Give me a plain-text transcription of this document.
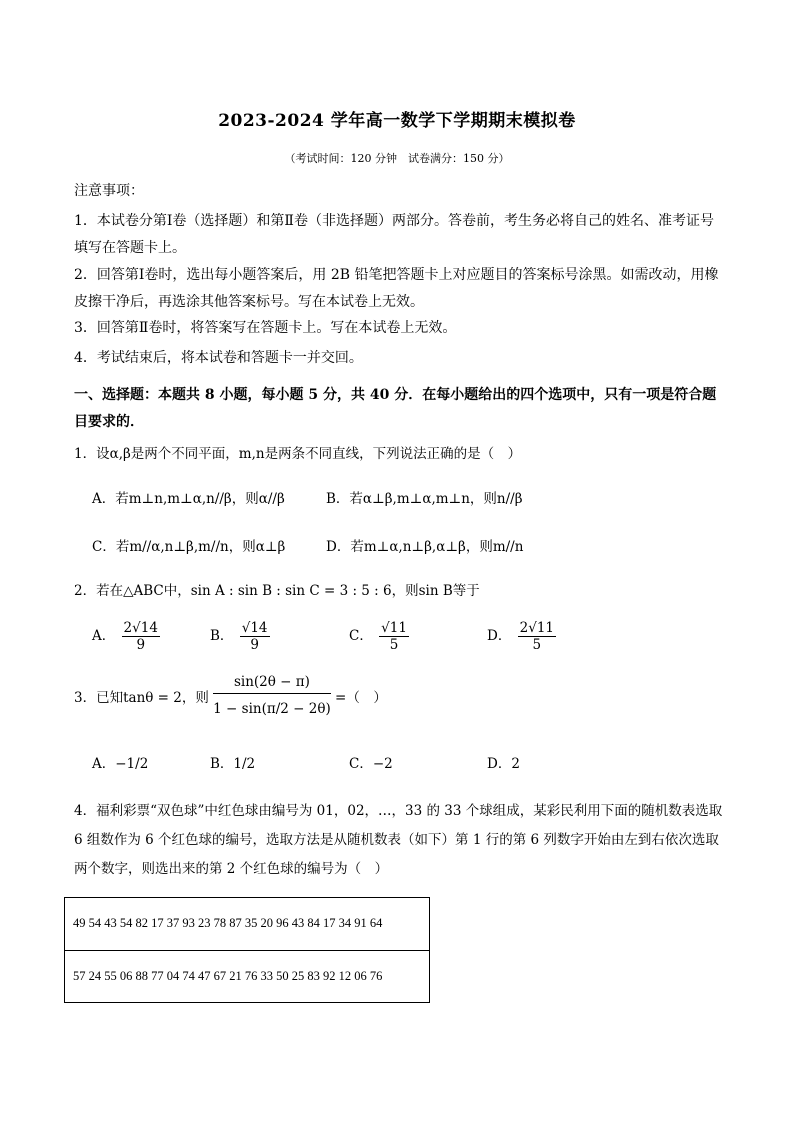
2023-2024 学年高一数学下学期期末模拟卷
（考试时间：120 分钟　试卷满分：150 分）
注意事项：
1．本试卷分第Ⅰ卷（选择题）和第Ⅱ卷（非选择题）两部分。答卷前，考生务必将自己的姓名、准考证号填写在答题卡上。
2．回答第Ⅰ卷时，选出每小题答案后，用 2B 铅笔把答题卡上对应题目的答案标号涂黑。如需改动，用橡皮擦干净后，再选涂其他答案标号。写在本试卷上无效。
3．回答第Ⅱ卷时，将答案写在答题卡上。写在本试卷上无效。
4．考试结束后，将本试卷和答题卡一并交回。
一、选择题：本题共 8 小题，每小题 5 分，共 40 分．在每小题给出的四个选项中，只有一项是符合题目要求的．
1．设α,β是两个不同平面，m,n是两条不同直线，下列说法正确的是（　）
A．若m⊥n,m⊥α,n//β，则α//β	B．若α⊥β,m⊥α,m⊥n，则n//β
C．若m//α,n⊥β,m//n，则α⊥β	D．若m⊥α,n⊥β,α⊥β，则m//n
2．若在△ABC中，sin A : sin B : sin C = 3 : 5 : 6，则sin B等于
A． $\frac{2√14}{9}$	B． $\frac{√14}{9}$	C． $\frac{√11}{5}$	D． $\frac{2√11}{5}$
3．已知tanθ = 2，则 $\frac{\sin(2\theta - \pi)}{1 - \sin(\pi/2 - 2\theta)}$ =（　）
A．−1/2	B．1/2	C．−2	D．2
4．福利彩票“双色球”中红色球由编号为 01，02，…，33 的 33 个球组成，某彩民利用下面的随机数表选取 6 组数作为 6 个红色球的编号，选取方法是从随机数表（如下）第 1 行的第 6 列数字开始由左到右依次选取两个数字，则选出来的第 2 个红色球的编号为（　）
49 54 43 54 82 17 37 93 23 78 87 35 20 96 43 84 17 34 91 64
57 24 55 06 88 77 04 74 47 67 21 76 33 50 25 83 92 12 06 76
